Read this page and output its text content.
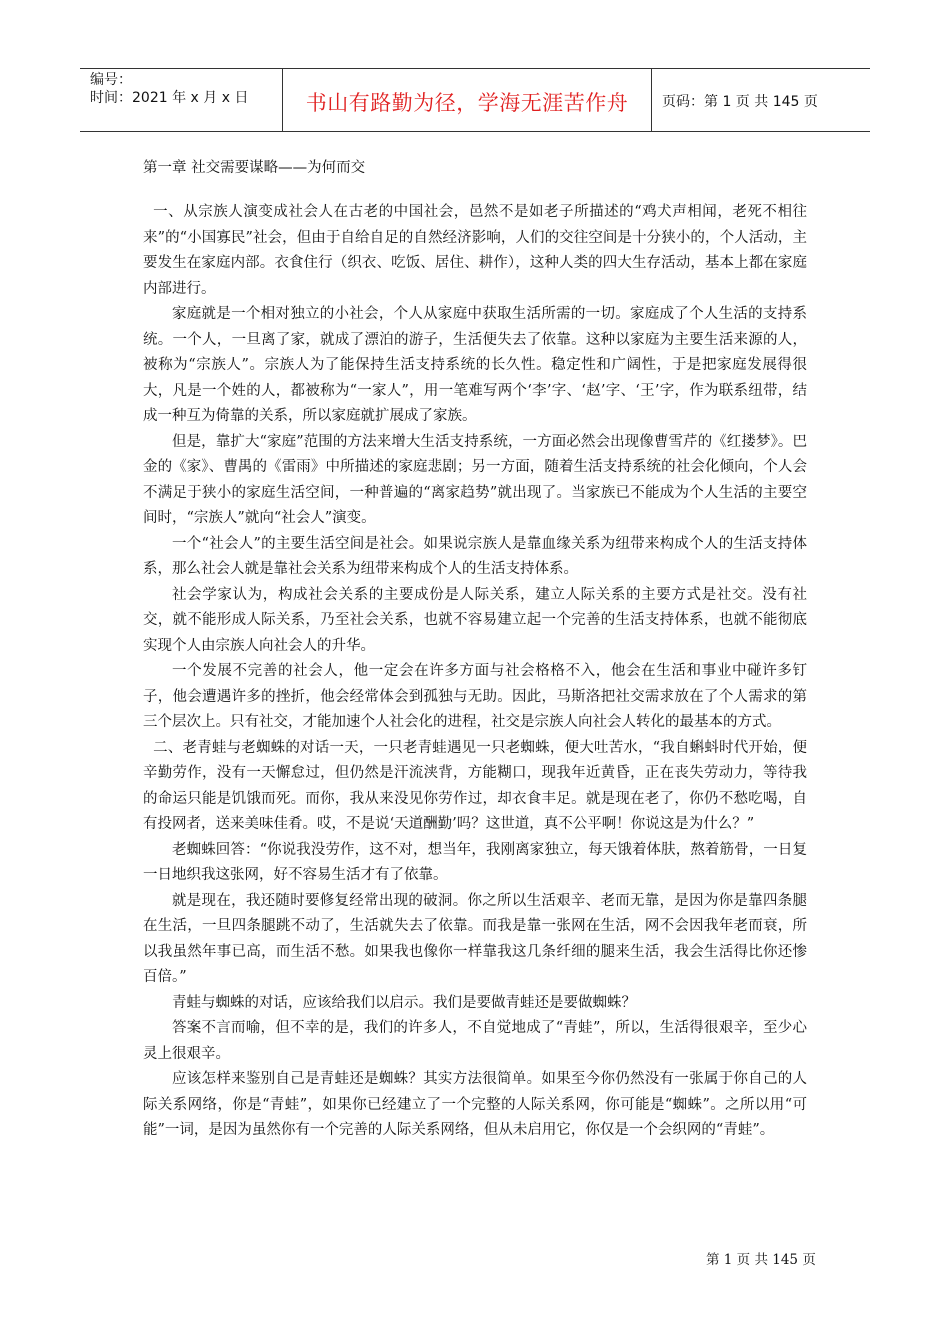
编号：
时间：2021 年 x 月 x 日	书山有路勤为径，学海无涯苦作舟	页码：第 1 页 共 145 页
第一章 社交需要谋略——为何而交

一、从宗族人演变成社会人在古老的中国社会，邑然不是如老子所描述的“鸡犬声相闻，老死不相往来”的“小国寡民”社会，但由于自给自足的自然经济影响，人们的交往空间是十分狭小的，个人活动，主要发生在家庭内部。衣食住行（织衣、吃饭、居住、耕作），这种人类的四大生存活动，基本上都在家庭内部进行。

家庭就是一个相对独立的小社会，个人从家庭中获取生活所需的一切。家庭成了个人生活的支持系统。一个人，一旦离了家，就成了漂泊的游子，生活便失去了依靠。这种以家庭为主要生活来源的人，被称为“宗族人”。宗族人为了能保持生活支持系统的长久性。稳定性和广阔性，于是把家庭发展得很大，凡是一个姓的人，都被称为“一家人”，用一笔难写两个‘李’字、‘赵’字、‘王’字，作为联系纽带，结成一种互为倚靠的关系，所以家庭就扩展成了家族。

但是，靠扩大“家庭”范围的方法来增大生活支持系统，一方面必然会出现像曹雪芹的《红搂梦》。巴金的《家》、曹禺的《雷雨》中所描述的家庭悲剧；另一方面，随着生活支持系统的社会化倾向，个人会不满足于狭小的家庭生活空间，一种普遍的“离家趋势”就出现了。当家族已不能成为个人生活的主要空间时，“宗族人”就向“社会人”演变。

一个“社会人”的主要生活空间是社会。如果说宗族人是靠血缘关系为纽带来构成个人的生活支持体系，那么社会人就是靠社会关系为纽带来构成个人的生活支持体系。

社会学家认为，构成社会关系的主要成份是人际关系，建立人际关系的主要方式是社交。没有社交，就不能形成人际关系，乃至社会关系，也就不容易建立起一个完善的生活支持体系，也就不能彻底实现个人由宗族人向社会人的升华。

一个发展不完善的社会人，他一定会在许多方面与社会格格不入，他会在生活和事业中碰许多钉子，他会遭遇许多的挫折，他会经常体会到孤独与无助。因此，马斯洛把社交需求放在了个人需求的第三个层次上。只有社交，才能加速个人社会化的进程，社交是宗族人向社会人转化的最基本的方式。

二、老青蛙与老蜘蛛的对话一天，一只老青蛙遇见一只老蜘蛛，便大吐苦水，“我自蝌蚪时代开始，便辛勤劳作，没有一天懈怠过，但仍然是汗流浃背，方能糊口，现我年近黄昏，正在丧失劳动力，等待我的命运只能是饥饿而死。而你，我从来没见你劳作过，却衣食丰足。就是现在老了，你仍不愁吃喝，自有投网者，送来美味佳肴。哎，不是说‘天道酬勤’吗？这世道，真不公平啊！你说这是为什么？”

老蜘蛛回答：“你说我没劳作，这不对，想当年，我刚离家独立，每天饿着体肤，熬着筋骨，一日复一日地织我这张网，好不容易生活才有了依靠。

就是现在，我还随时要修复经常出现的破洞。你之所以生活艰辛、老而无靠，是因为你是靠四条腿在生活，一旦四条腿跳不动了，生活就失去了依靠。而我是靠一张网在生活，网不会因我年老而衰，所以我虽然年事已高，而生活不愁。如果我也像你一样靠我这几条纤细的腿来生活，我会生活得比你还惨百倍。”

青蛙与蜘蛛的对话，应该给我们以启示。我们是要做青蛙还是要做蜘蛛？

答案不言而喻，但不幸的是，我们的许多人，不自觉地成了“青蛙”，所以，生活得很艰辛，至少心灵上很艰辛。

应该怎样来鉴别自己是青蛙还是蜘蛛？其实方法很简单。如果至今你仍然没有一张属于你自己的人际关系网络，你是“青蛙”，如果你已经建立了一个完整的人际关系网，你可能是“蜘蛛”。之所以用“可能”一词，是因为虽然你有一个完善的人际关系网络，但从未启用它，你仅是一个会织网的“青蛙”。

第 1 页 共 145 页
